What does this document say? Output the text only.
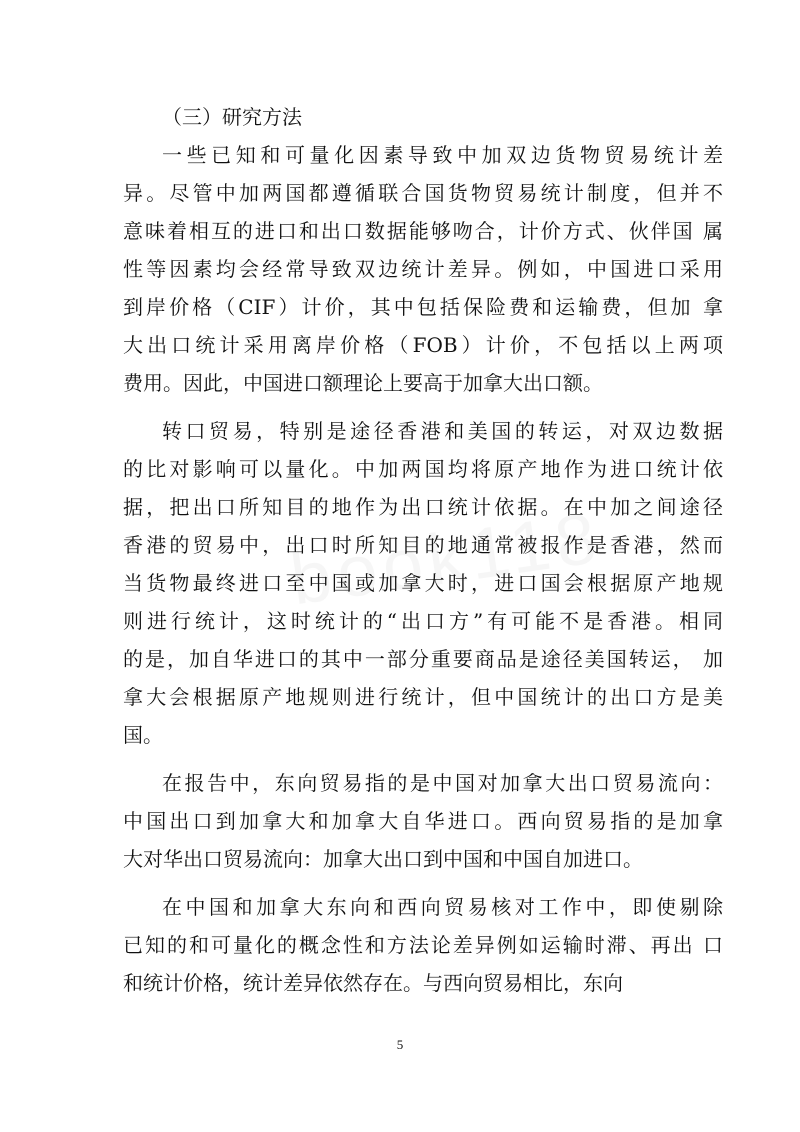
（三）研究方法
一些已知和可量化因素导致中加双边货物贸易统计差
异。尽管中加两国都遵循联合国货物贸易统计制度，但并不
意味着相互的进口和出口数据能够吻合，计价方式、伙伴国 属
性等因素均会经常导致双边统计差异。例如，中国进口采用
到岸价格（CIF）计价，其中包括保险费和运输费，但加 拿
大出口统计采用离岸价格（FOB）计价，不包括以上两项
费用。因此，中国进口额理论上要高于加拿大出口额。
转口贸易，特别是途径香港和美国的转运，对双边数据
的比对影响可以量化。中加两国均将原产地作为进口统计依
据，把出口所知目的地作为出口统计依据。在中加之间途径
香港的贸易中，出口时所知目的地通常被报作是香港，然而
当货物最终进口至中国或加拿大时，进口国会根据原产地规
则进行统计，这时统计的“出口方”有可能不是香港。相同
的是，加自华进口的其中一部分重要商品是途径美国转运， 加
拿大会根据原产地规则进行统计，但中国统计的出口方是美
国。
在报告中，东向贸易指的是中国对加拿大出口贸易流向：
中国出口到加拿大和加拿大自华进口。西向贸易指的是加拿
大对华出口贸易流向：加拿大出口到中国和中国自加进口。
在中国和加拿大东向和西向贸易核对工作中，即使剔除
已知的和可量化的概念性和方法论差异例如运输时滞、再出 口
和统计价格，统计差异依然存在。与西向贸易相比，东向
5
